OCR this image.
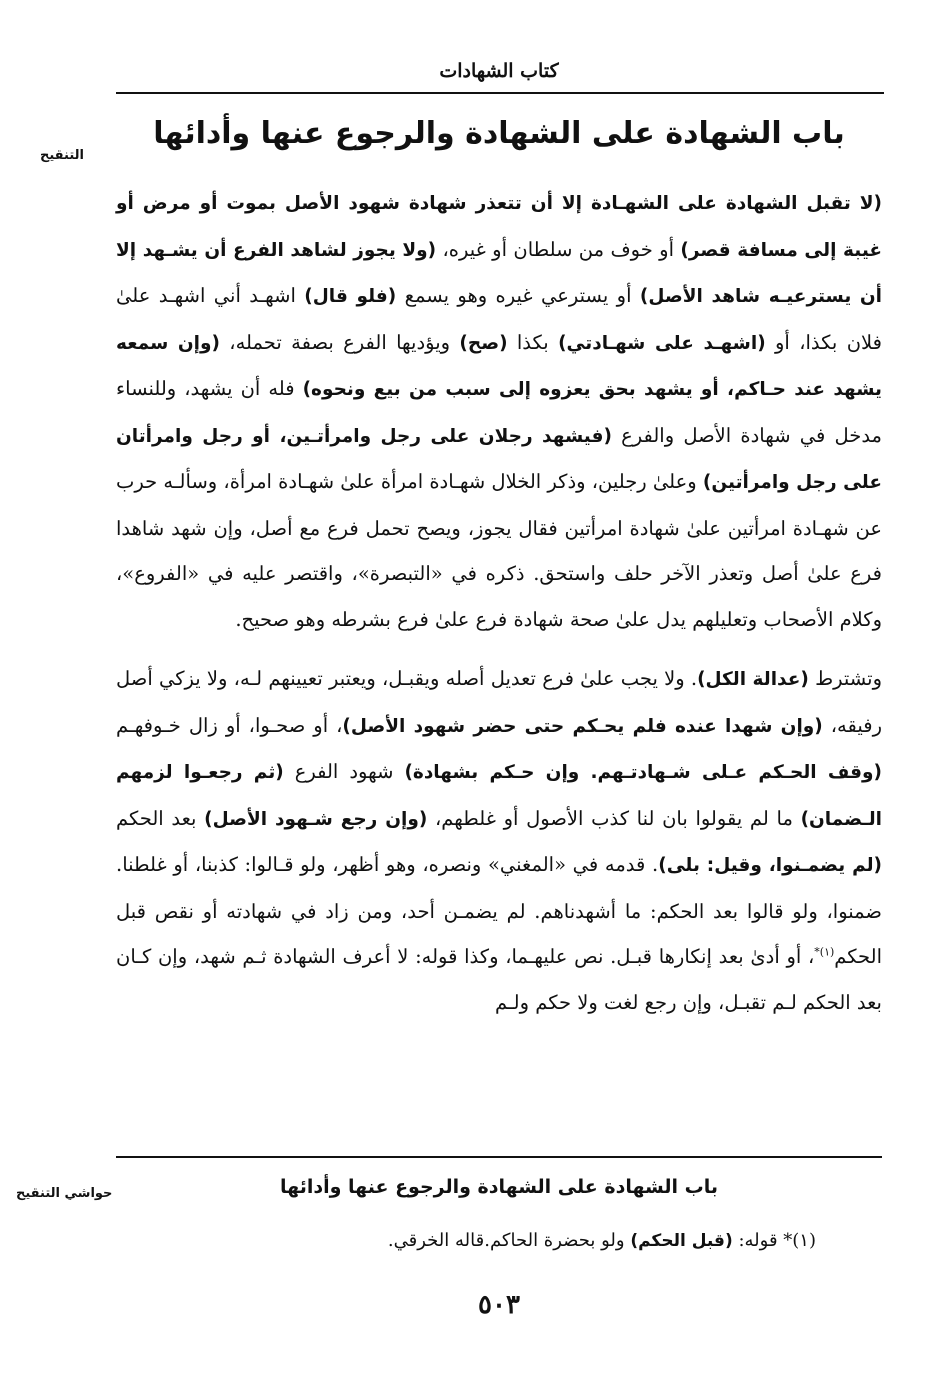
كتاب الشهادات
التنقيح
باب الشهادة على الشهادة والرجوع عنها وأدائها

(لا تقبل الشهادة على الشهـادة إلا أن تتعذر شهادة شهود الأصل بموت أو مرض أو غيبة إلى مسافة قصر) أو خوف من سلطان أو غيره، (ولا يجوز لشاهد الفرع أن يشـهد إلا أن يسترعيـه شاهد الأصل) أو يسترعي غيره وهو يسمع (فلو قال) اشهـد أني اشهـد علىٰ فلان بكذا، أو (اشهـد على شهـادتي) بكذا (صح) ويؤديها الفرع بصفة تحمله، (وإن سمعه يشهد عند حـاكم، أو يشهد بحق يعزوه إلى سبب من بيع ونحوه) فله أن يشهد، وللنساء مدخل في شهادة الأصل والفرع (فيشهد رجلان على رجل وامرأتـين، أو رجل وامرأتان على رجل وامرأتين) وعلىٰ رجلين، وذكر الخلال شهـادة امرأة علىٰ شهـادة امرأة، وسألـه حرب عن شهـادة امرأتين علىٰ شهادة امرأتين فقال يجوز، ويصح تحمل فرع مع أصل، وإن شهد شاهدا فرع علىٰ أصل وتعذر الآخر حلف واستحق. ذكره في «التبصرة»، واقتصر عليه في «الفروع»، وكلام الأصحاب وتعليلهم يدل علىٰ صحة شهادة فرع علىٰ فرع بشرطه وهو صحيح.

وتشترط (عدالة الكل). ولا يجب علىٰ فرع تعديل أصله ويقبـل، ويعتبر تعيينهم لـه، ولا يزكي أصل رفيقه، (وإن شهدا عنده فلم يحـكم حتى حضر شهود الأصل)، أو صحـوا، أو زال خـوفهـم (وقف الحـكم عـلى شـهادتـهم. وإن حـكم بشهادة) شهود الفرع (ثم رجعـوا لزمهم الـضمان) ما لم يقولوا بان لنا كذب الأصول أو غلطهم، (وإن رجع شـهود الأصل) بعد الحكم (لم يضمـنوا، وقيل: بلى). قدمه في «المغني» ونصره، وهو أظهر، ولو قـالوا: كذبنا، أو غلطنا. ضمنوا، ولو قالوا بعد الحكم: ما أشهدناهم. لم يضمـن أحد، ومن زاد في شهادته أو نقص قبل الحكم$^{(١)*}$، أو أدىٰ بعد إنكارها قبـل. نص عليهـما، وكذا قوله: لا أعرف الشهادة ثـم شهد، وإن كـان بعد الحكم لـم تقبـل، وإن رجع لغت ولا حكم ولـم

حواشي التنقيح	باب الشهادة على الشهادة والرجوع عنها وأدائها
(١)* قوله: (قبل الحكم) ولو بحضرة الحاكم.قاله الخرقي.
٥٠٣
